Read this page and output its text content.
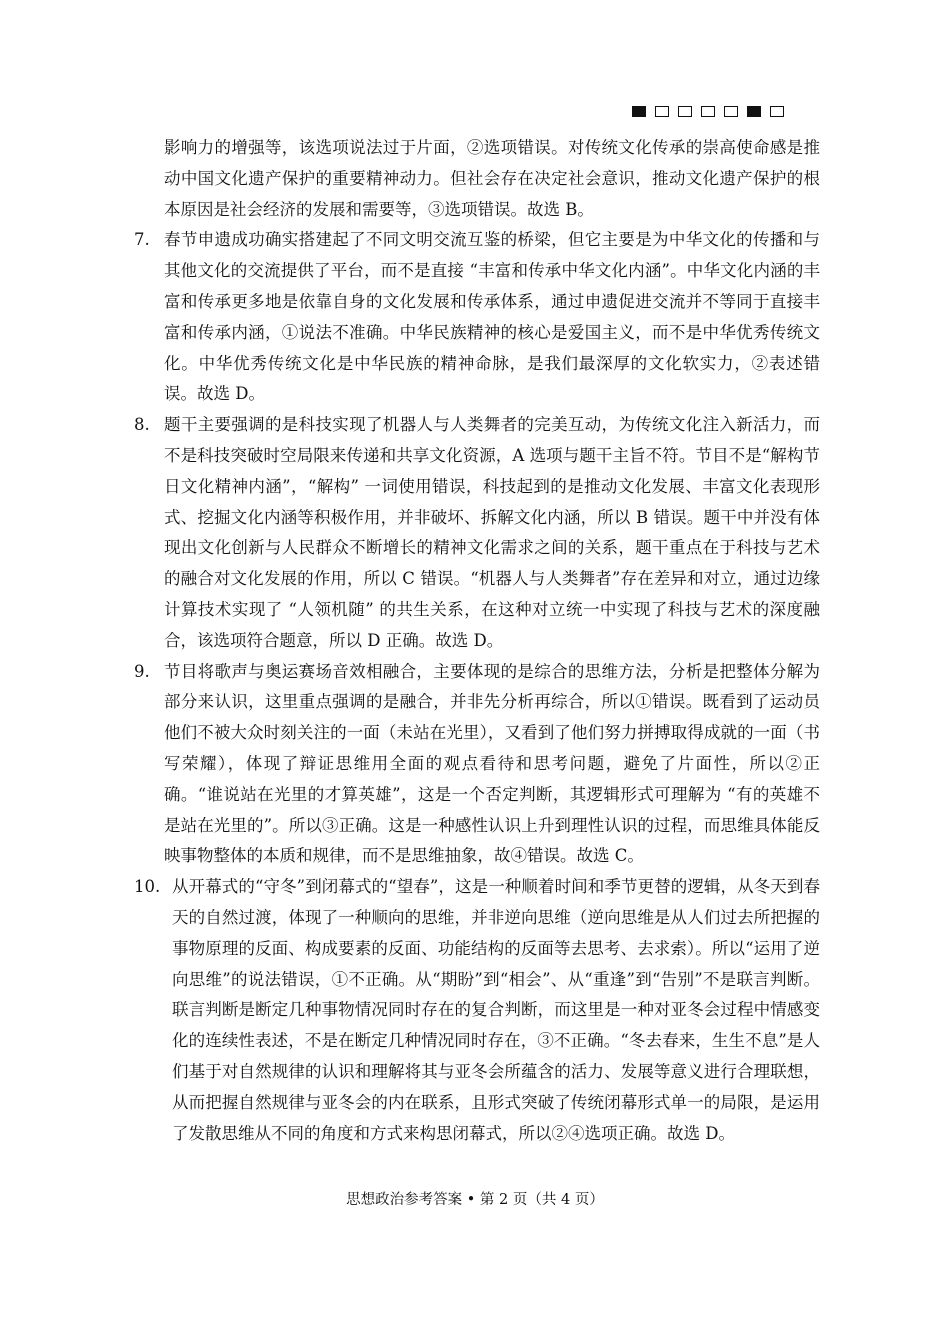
影响力的增强等，该选项说法过于片面，②选项错误。对传统文化传承的崇高使命感是推动中国文化遗产保护的重要精神动力。但社会存在决定社会意识，推动文化遗产保护的根本原因是社会经济的发展和需要等，③选项错误。故选 B。

7. 春节申遗成功确实搭建起了不同文明交流互鉴的桥梁，但它主要是为中华文化的传播和与其他文化的交流提供了平台，而不是直接 “丰富和传承中华文化内涵”。中华文化内涵的丰富和传承更多地是依靠自身的文化发展和传承体系，通过申遗促进交流并不等同于直接丰富和传承内涵，①说法不准确。中华民族精神的核心是爱国主义，而不是中华优秀传统文化。中华优秀传统文化是中华民族的精神命脉，是我们最深厚的文化软实力，②表述错误。故选 D。

8. 题干主要强调的是科技实现了机器人与人类舞者的完美互动，为传统文化注入新活力，而不是科技突破时空局限来传递和共享文化资源，A 选项与题干主旨不符。节目不是“解构节日文化精神内涵”，“解构” 一词使用错误，科技起到的是推动文化发展、丰富文化表现形式、挖掘文化内涵等积极作用，并非破坏、拆解文化内涵，所以 B 错误。题干中并没有体现出文化创新与人民群众不断增长的精神文化需求之间的关系，题干重点在于科技与艺术的融合对文化发展的作用，所以 C 错误。“机器人与人类舞者”存在差异和对立，通过边缘计算技术实现了 “人领机随” 的共生关系，在这种对立统一中实现了科技与艺术的深度融合，该选项符合题意，所以 D 正确。故选 D。

9. 节目将歌声与奥运赛场音效相融合，主要体现的是综合的思维方法，分析是把整体分解为部分来认识，这里重点强调的是融合，并非先分析再综合，所以①错误。既看到了运动员他们不被大众时刻关注的一面（未站在光里），又看到了他们努力拼搏取得成就的一面（书写荣耀），体现了辩证思维用全面的观点看待和思考问题，避免了片面性，所以②正确。“谁说站在光里的才算英雄”，这是一个否定判断，其逻辑形式可理解为 “有的英雄不是站在光里的”。所以③正确。这是一种感性认识上升到理性认识的过程，而思维具体能反映事物整体的本质和规律，而不是思维抽象，故④错误。故选 C。

10. 从开幕式的“守冬”到闭幕式的“望春”，这是一种顺着时间和季节更替的逻辑，从冬天到春天的自然过渡，体现了一种顺向的思维，并非逆向思维（逆向思维是从人们过去所把握的事物原理的反面、构成要素的反面、功能结构的反面等去思考、去求索）。所以“运用了逆向思维”的说法错误，①不正确。从“期盼”到“相会”、从“重逢”到“告别”不是联言判断。联言判断是断定几种事物情况同时存在的复合判断，而这里是一种对亚冬会过程中情感变化的连续性表述，不是在断定几种情况同时存在，③不正确。“冬去春来，生生不息”是人们基于对自然规律的认识和理解将其与亚冬会所蕴含的活力、发展等意义进行合理联想，从而把握自然规律与亚冬会的内在联系，且形式突破了传统闭幕形式单一的局限，是运用了发散思维从不同的角度和方式来构思闭幕式，所以②④选项正确。故选 D。

思想政治参考答案 • 第 2 页（共 4 页）
